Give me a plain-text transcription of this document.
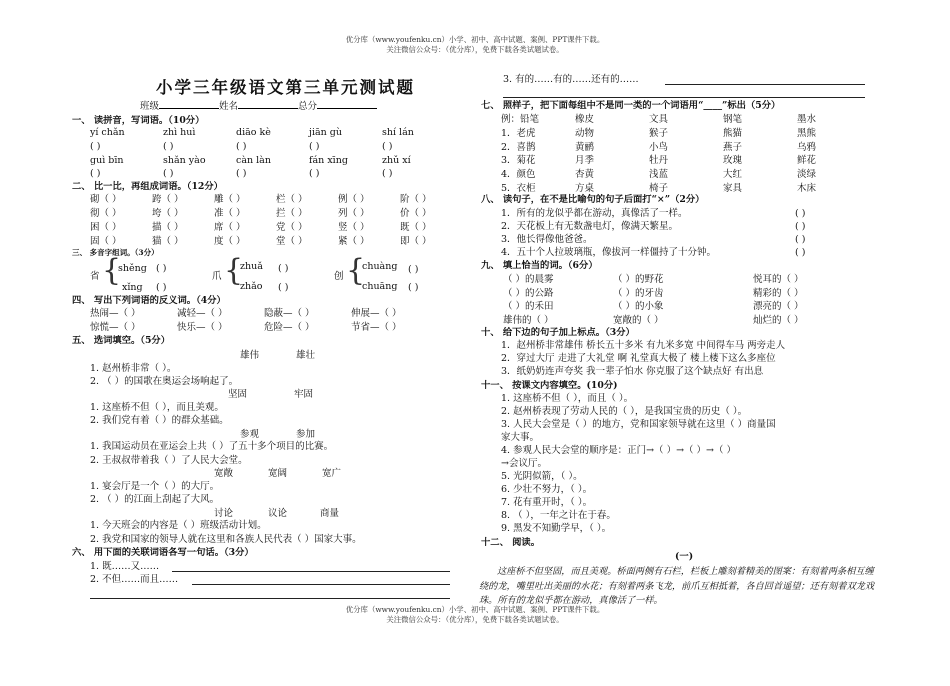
优分库（www.youfenku.cn）小学、初中、高中试题、案例、PPT课件下载。
关注微信公众号：（优分库），免费下载各类试题试卷。
小学三年级语文第三单元测试题
班级	姓名	总分
一、 读拼音，写词语。（10分）
yí chǎn	zhì huì	diāo kè	jiān gù	shí lán
( )	( )	( )	( )	( )
guì bīn	shǎn yào	càn làn	fán xīng	zhǔ xí
( )	( )	( )	( )	( )
二、 比一比，再组成词语。（12分）
砌（ ）	跨（ ）	雕（ ）	栏（ ）	例（ ）	阶（ ）
彻（ ）	垮（ ）	准（ ）	拦（ ）	列（ ）	价（ ）
困（ ）	描（ ）	席（ ）	党（ ）	竖（ ）	既（ ）
固（ ）	猫（ ）	度（ ）	堂（ ）	紧（ ）	即（ ）
三、 多音字组词。（3分）
省 {
shěng ( )
xǐng ( )
爪 {
zhuǎ ( )
zhǎo ( )
创 {
chuàng ( )
chuāng ( )
四、 写出下列词语的反义词。（4分）
热闹—（ ）	减轻—（ ）	隐蔽—（ ）	伸展—（ ）
惊慌—（ ）	快乐—（ ）	危险—（ ）	节省—（ ）
五、 选词填空。（5分）
雄伟	雄壮
1. 赵州桥非常（ ）。
2. （ ）的国歌在奥运会场响起了。
坚固	牢固
1. 这座桥不但（ ），而且美观。
2. 我们党有着（ ）的群众基础。
参观	参加
1. 我国运动员在亚运会上共（ ）了五十多个项目的比赛。
2. 王叔叔带着我（ ）了人民大会堂。
宽敞	宽阔	宽广
1. 宴会厅是一个（ ）的大厅。
2. （ ）的江面上刮起了大风。
讨论	议论	商量
1. 今天班会的内容是（ ）班级活动计划。
2. 我党和国家的领导人就在这里和各族人民代表（ ）国家大事。
六、 用下面的关联词语各写一句话。（3分）
1. 既……又……
2. 不但……而且……
3. 有的……有的……还有的……
七、 照样子，把下面每组中不是同一类的一个词语用“____”标出（5分）
例：铅笔	橡皮	文具	钢笔	墨水
1．老虎	动物	猴子	熊猫	黑熊
2．喜鹊	黄鹂	小鸟	燕子	乌鸦
3．菊花	月季	牡丹	玫瑰	鲜花
4．颜色	杏黄	浅蓝	大红	淡绿
5．衣柜	方桌	椅子	家具	木床
八、 读句子，在不是比喻句的句子后面打“×”（2分）
1．所有的龙似乎都在游动，真像活了一样。	( )
2．天花板上有无数盏电灯，像满天繁星。	( )
3．他长得像他爸爸。	( )
4．五十个人拉玻璃瓶，像拔河一样僵持了十分钟。	( )
九、 填上恰当的词。（6分）
（ ）的晨雾	（ ）的野花	悦耳的（ ）
（ ）的公路	（ ）的牙齿	精彩的（ ）
（ ）的禾田	（ ）的小象	漂亮的（ ）
雄伟的（ ）	宽敞的（ ）	灿烂的（ ）
十、 给下边的句子加上标点。（3分）
1．赵州桥非常雄伟 桥长五十多米 有九米多宽 中间得车马 两旁走人
2．穿过大厅 走进了大礼堂 啊 礼堂真大极了 楼上楼下这么多座位
3．纸奶奶连声夸奖 我一辈子怕水 你克服了这个缺点好 有出息
十一、 按课文内容填空。(10分)
1. 这座桥不但（ ），而且（ ）。
2. 赵州桥表现了劳动人民的（ ），是我国宝贵的历史（ ）。
3. 人民大会堂是（ ）的地方，党和国家领导就在这里（ ）商量国
家大事。
4. 参观人民大会堂的顺序是：正门→（ ）→（ ）→（ ）
→会议厅。
5. 光阴似箭，（ ）。
6. 少壮不努力，（ ）。
7. 花有重开时，（ ）。
8. （ ），一年之计在于春。
9. 黑发不知勤学早，（ ）。
十二、 阅读。
(一)

这座桥不但坚固，而且美观。桥面两侧有石栏，栏板上雕刻着精美的图案：有刻着两条相互缠绕的龙，嘴里吐出美丽的水花；有刻着两条飞龙，前爪互相抵着，各自回首遥望；还有刻着双龙戏珠。所有的龙似乎都在游动，真像活了一样。

优分库（www.youfenku.cn）小学、初中、高中试题、案例、PPT课件下载。
关注微信公众号：（优分库），免费下载各类试题试卷。
